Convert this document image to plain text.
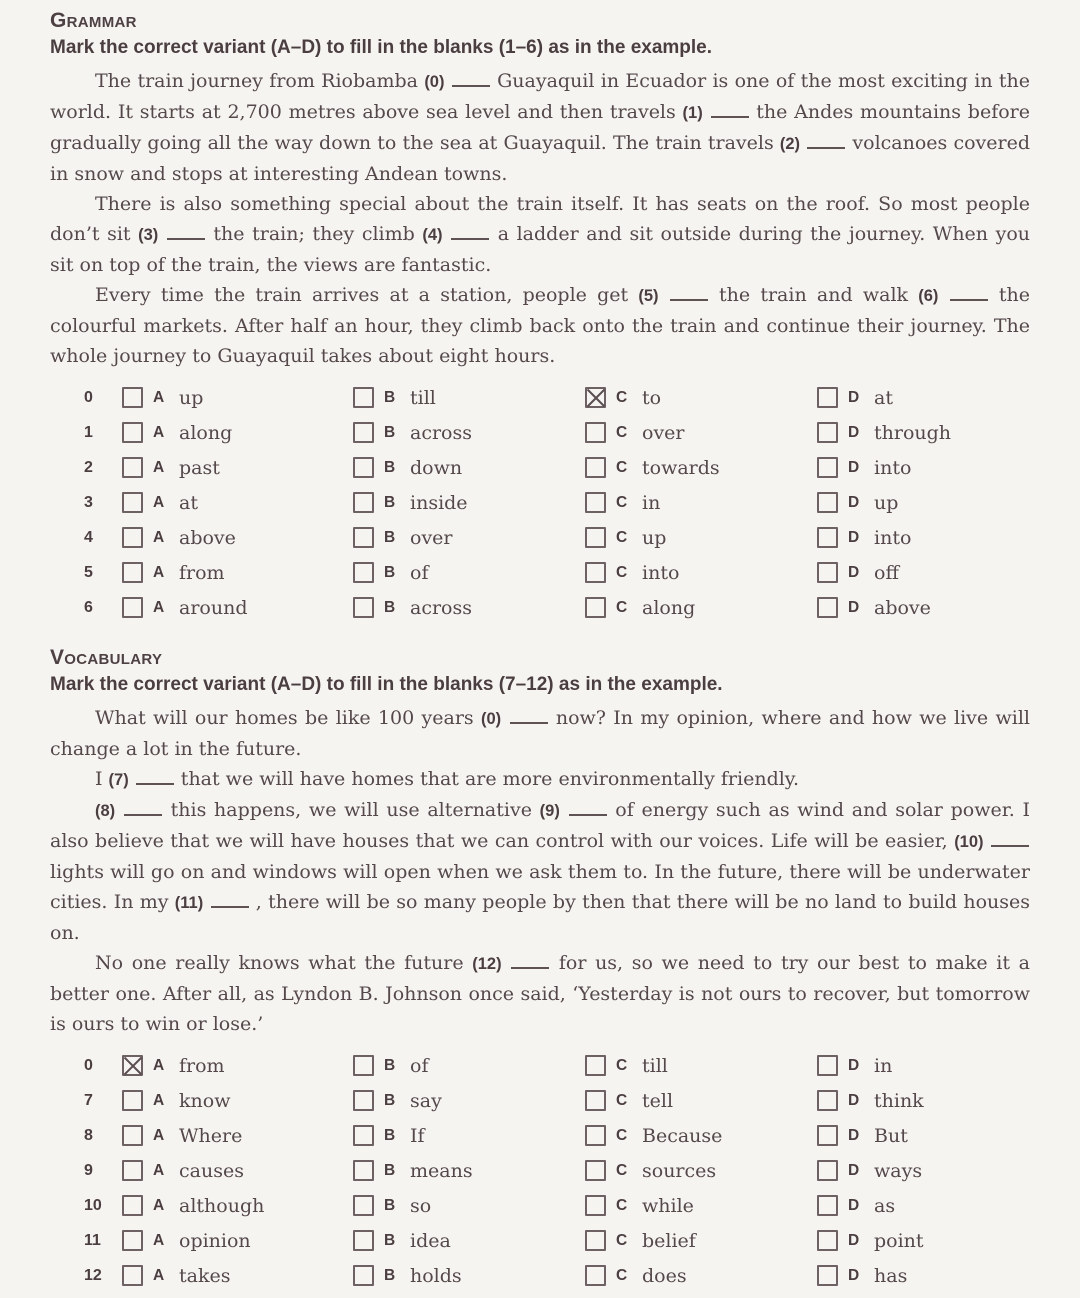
Grammar
Mark the correct variant (A–D) to fill in the blanks (1–6) as in the example.

The train journey from Riobamba (0)  Guayaquil in Ecuador is one of the most exciting in the world. It starts at 2,700 metres above sea level and then travels (1)  the Andes mountains before gradually going all the way down to the sea at Guayaquil. The train travels (2)  volcanoes covered in snow and stops at interesting Andean towns.

There is also something special about the train itself. It has seats on the roof. So most people don’t sit (3)	the train; they climb (4)	a ladder and sit outside during the journey. When you sit on top of the train, the views are fantastic.

Every time the train arrives at a station, people get (5)	the train and walk (6)	the colourful markets. After half an hour, they climb back onto the train and continue their journey. The whole journey to Guayaquil takes about eight hours.

0	A up	B till	C to	D at
1	A along	B across	C over	D through
2	A past	B down	C towards	D into
3	A at	B inside	C in	D up
4	A above	B over	C up	D into
5	A from	B of	C into	D off
6	A around	B across	C along	D above
Vocabulary
Mark the correct variant (A–D) to fill in the blanks (7–12) as in the example.

What will our homes be like 100 years (0)  now? In my opinion, where and how we live will change a lot in the future.

I (7)  that we will have homes that are more environmentally friendly.

(8)	this happens, we will use alternative (9)	of energy such as wind and solar power. I also believe that we will have houses that we can control with our voices. Life will be easier, (10)  lights will go on and windows will open when we ask them to. In the future, there will be underwater cities. In my (11)  , there will be so many people by then that there will be no land to build houses on.

No one really knows what the future (12)	for us, so we need to try our best to make it a better one. After all, as Lyndon B. Johnson once said, ‘Yesterday is not ours to recover, but tomorrow is ours to win or lose.’

0	A from	B of	C till	D in
7	A know	B say	C tell	D think
8	A Where	B If	C Because	D But
9	A causes	B means	C sources	D ways
10	A although	B so	C while	D as
11	A opinion	B idea	C belief	D point
12	A takes	B holds	C does	D has
